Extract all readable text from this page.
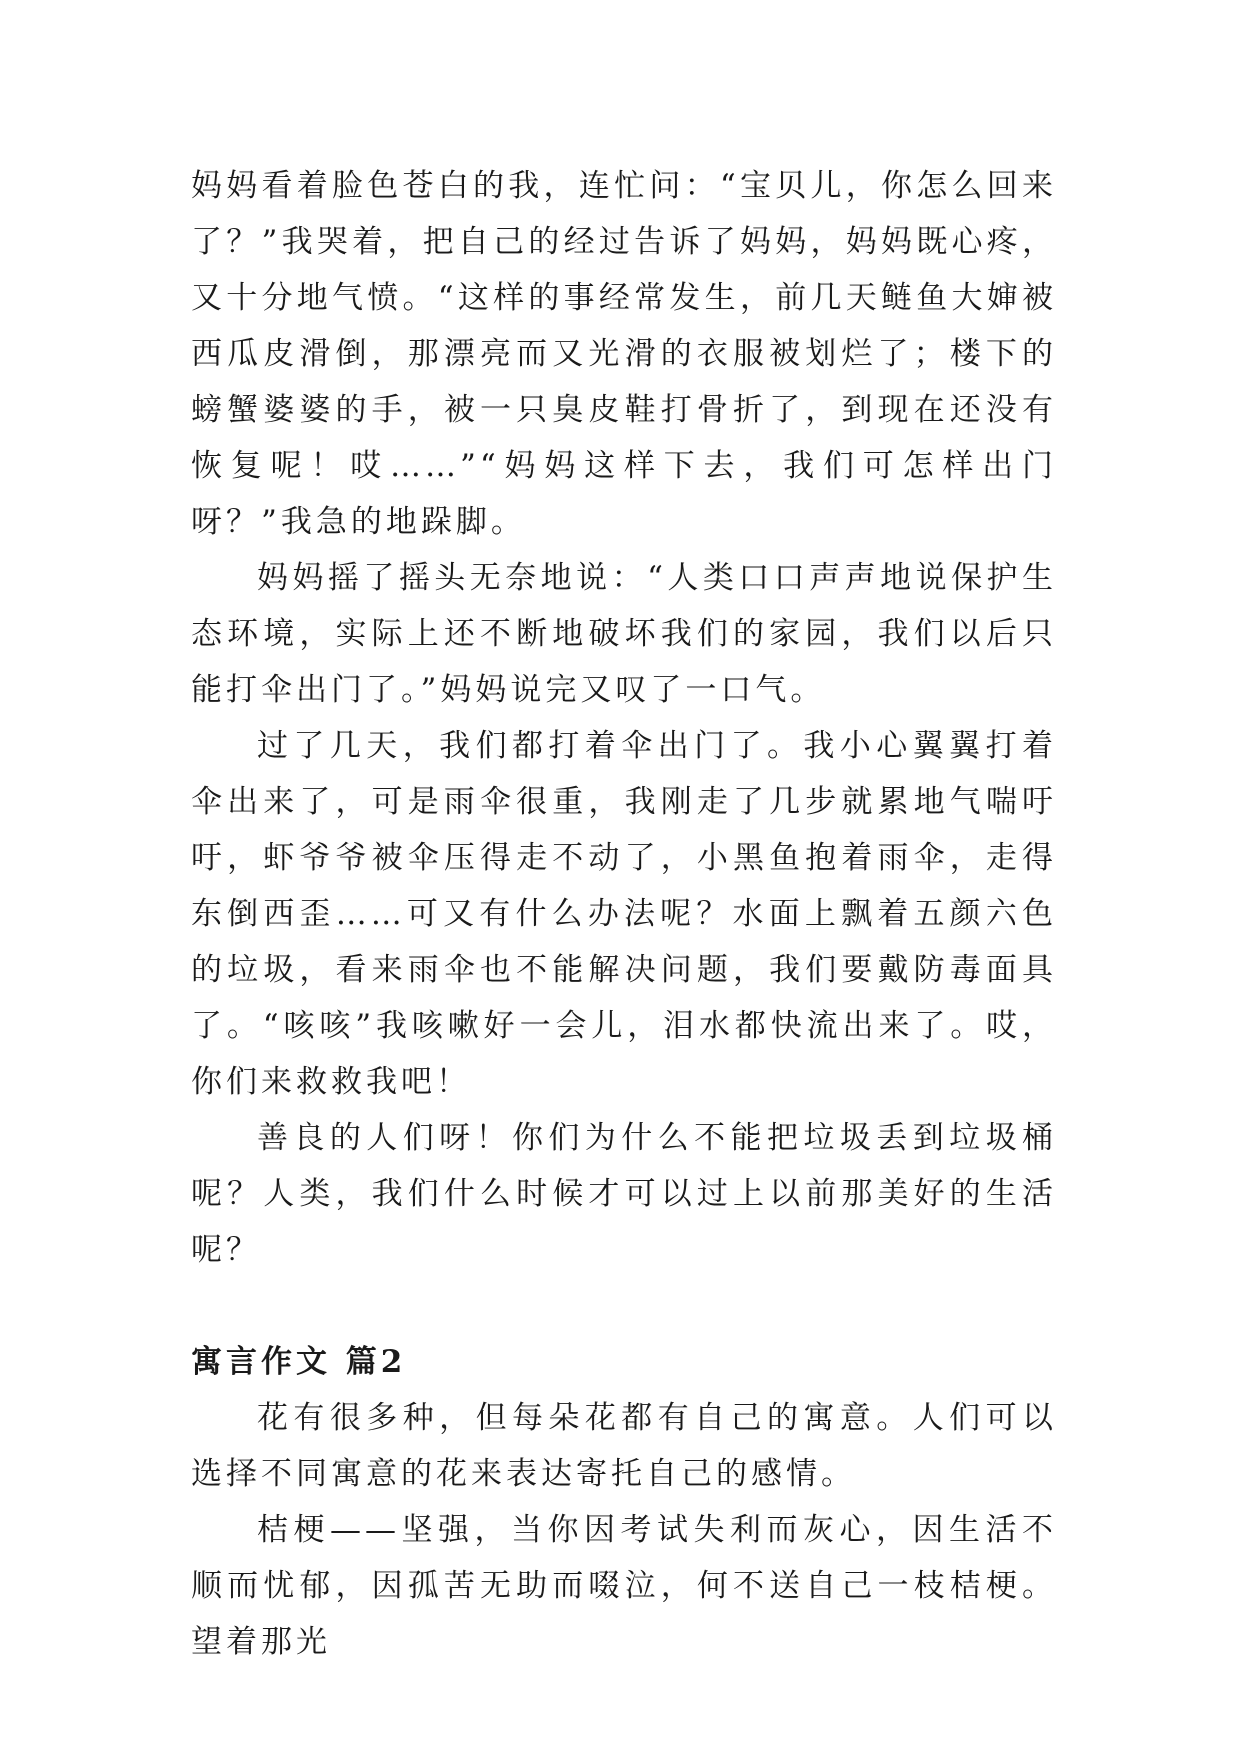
妈妈看着脸色苍白的我，连忙问：“宝贝儿，你怎么回来了？”我哭着，把自己的经过告诉了妈妈，妈妈既心疼，又十分地气愤。“这样的事经常发生，前几天鲢鱼大婶被西瓜皮滑倒，那漂亮而又光滑的衣服被划烂了；楼下的螃蟹婆婆的手，被一只臭皮鞋打骨折了，到现在还没有恢复呢！哎……”“妈妈这样下去，我们可怎样出门呀？”我急的地跺脚。

妈妈摇了摇头无奈地说：“人类口口声声地说保护生态环境，实际上还不断地破坏我们的家园，我们以后只能打伞出门了。”妈妈说完又叹了一口气。

过了几天，我们都打着伞出门了。我小心翼翼打着伞出来了，可是雨伞很重，我刚走了几步就累地气喘吁吁，虾爷爷被伞压得走不动了，小黑鱼抱着雨伞，走得东倒西歪……可又有什么办法呢？水面上飘着五颜六色的垃圾，看来雨伞也不能解决问题，我们要戴防毒面具了。“咳咳”我咳嗽好一会儿，泪水都快流出来了。哎，你们来救救我吧！

善良的人们呀！你们为什么不能把垃圾丢到垃圾桶呢？人类，我们什么时候才可以过上以前那美好的生活呢？

寓言作文 篇2

花有很多种，但每朵花都有自己的寓意。人们可以选择不同寓意的花来表达寄托自己的感情。

桔梗——坚强，当你因考试失利而灰心，因生活不顺而忧郁，因孤苦无助而啜泣，何不送自己一枝桔梗。望着那光
